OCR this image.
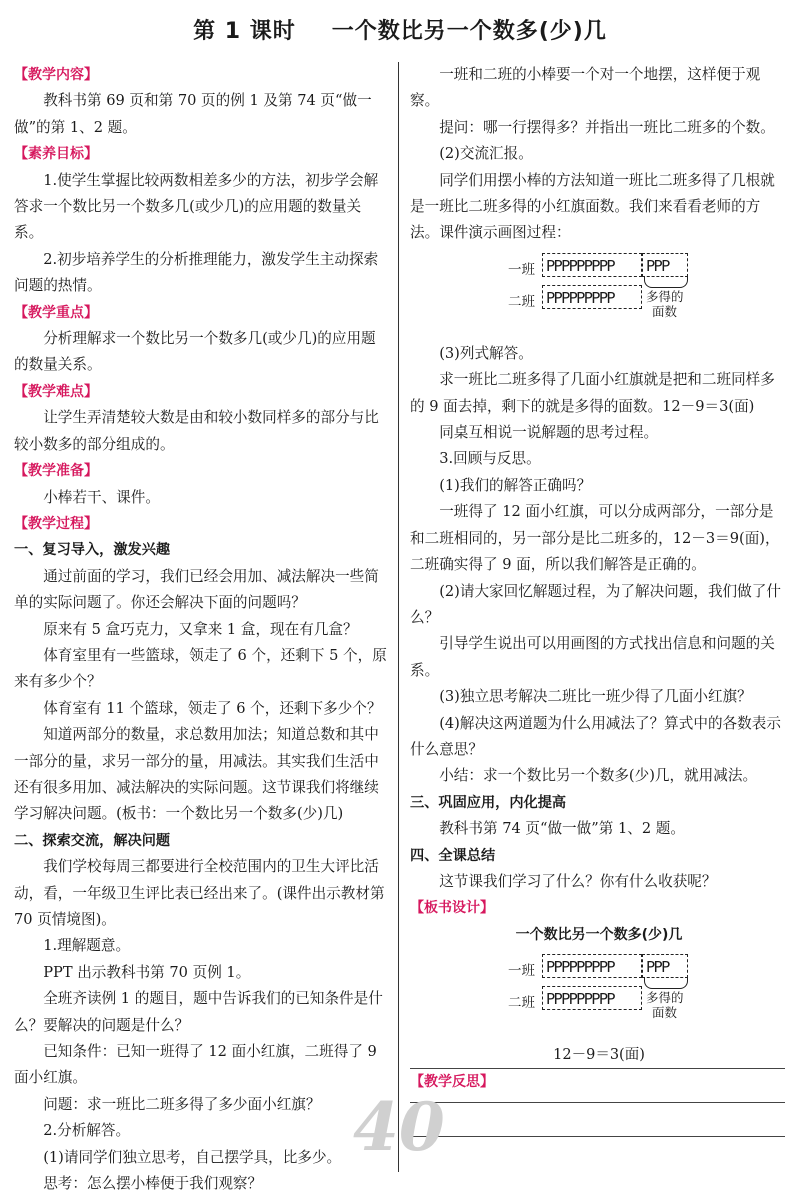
第 1 课时 一个数比另一个数多(少)几

【教学内容】

教科书第 69 页和第 70 页的例 1 及第 74 页“做一做”的第 1、2 题。

【素养目标】

1.使学生掌握比较两数相差多少的方法，初步学会解答求一个数比另一个数多几(或少几)的应用题的数量关系。

2.初步培养学生的分析推理能力，激发学生主动探索问题的热情。

【教学重点】

分析理解求一个数比另一个数多几(或少几)的应用题的数量关系。

【教学难点】

让学生弄清楚较大数是由和较小数同样多的部分与比较小数多的部分组成的。

【教学准备】

小棒若干、课件。

【教学过程】

一、复习导入，激发兴趣

通过前面的学习，我们已经会用加、减法解决一些简单的实际问题了。你还会解决下面的问题吗？

原来有 5 盒巧克力，又拿来 1 盒，现在有几盒？

体育室里有一些篮球，领走了 6 个，还剩下 5 个，原来有多少个？

体育室有 11 个篮球，领走了 6 个，还剩下多少个？

知道两部分的数量，求总数用加法；知道总数和其中一部分的量，求另一部分的量，用减法。其实我们生活中还有很多用加、减法解决的实际问题。这节课我们将继续学习解决问题。(板书：一个数比另一个数多(少)几)

二、探索交流，解决问题

我们学校每周三都要进行全校范围内的卫生大评比活动，看，一年级卫生评比表已经出来了。(课件出示教材第 70 页情境图)。

1.理解题意。

PPT 出示教科书第 70 页例 1。

全班齐读例 1 的题目，题中告诉我们的已知条件是什么？要解决的问题是什么？

已知条件：已知一班得了 12 面小红旗，二班得了 9 面小红旗。

问题：求一班比二班多得了多少面小红旗？

2.分析解答。

(1)请同学们独立思考，自己摆学具，比多少。

思考：怎么摆小棒便于我们观察？

一班和二班的小棒要一个对一个地摆，这样便于观察。

提问：哪一行摆得多？并指出一班比二班多的个数。

(2)交流汇报。

同学们用摆小棒的方法知道一班比二班多得了几根就是一班比二班多得的小红旗面数。我们来看看老师的方法。课件演示画图过程：

一班 PPPPPPPPP	PPP
二班 PPPPPPPPP	多得的
面数

(3)列式解答。

求一班比二班多得了几面小红旗就是把和二班同样多的 9 面去掉，剩下的就是多得的面数。12－9＝3(面)

同桌互相说一说解题的思考过程。

3.回顾与反思。

(1)我们的解答正确吗？

一班得了 12 面小红旗，可以分成两部分，一部分是和二班相同的，另一部分是比二班多的，12－3＝9(面)，二班确实得了 9 面，所以我们解答是正确的。

(2)请大家回忆解题过程，为了解决问题，我们做了什么？

引导学生说出可以用画图的方式找出信息和问题的关系。

(3)独立思考解决二班比一班少得了几面小红旗？

(4)解决这两道题为什么用减法了？算式中的各数表示什么意思？

小结：求一个数比另一个数多(少)几，就用减法。

三、巩固应用，内化提高

教科书第 74 页“做一做”第 1、2 题。

四、全课总结

这节课我们学习了什么？你有什么收获呢？

【板书设计】

一个数比另一个数多(少)几

一班 PPPPPPPPP	PPP
二班 PPPPPPPPP	多得的
面数

12－9＝3(面)

【教学反思】

40
